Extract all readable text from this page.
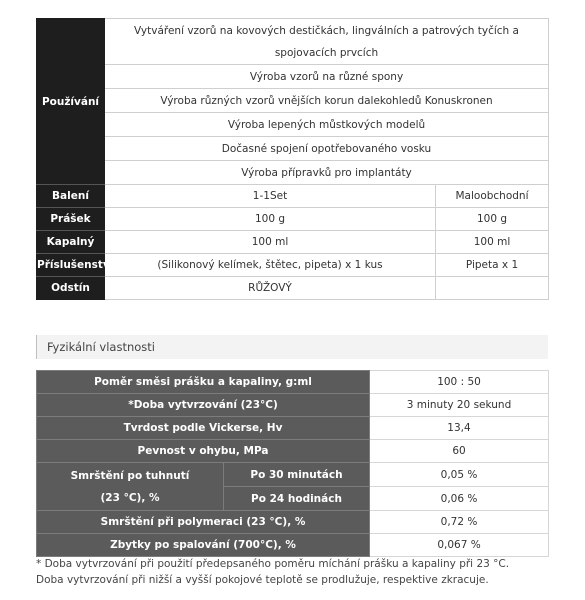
Používání	Vytváření vzorů na kovových destičkách, lingválních a patrových tyčích a spojovacích prvcích	
	Výroba vzorů na různé spony	
	Výroba různých vzorů vnějších korun dalekohledů Konuskronen	
	Výroba lepených můstkových modelů	
	Dočasné spojení opotřebovaného vosku	
	Výroba přípravků pro implantáty	
Balení	1-1Set	Maloobchodní
Prášek	100 g	100 g
Kapalný	100 ml	100 ml
Příslušenství	(Silikonový kelímek, štětec, pipeta) x 1 kus	Pipeta x 1
Odstín	RŮŽOVÝ	
Fyzikální vlastnosti
Poměr směsi prášku a kapaliny, g:ml		100 : 50
*Doba vytvrzování (23°C)		3 minuty 20 sekund
Tvrdost podle Vickerse, Hv		13,4
Pevnost v ohybu, MPa		60

Smrštění po tuhnutí
(23 °C), %	Po 30 minutách	0,05 %
	Po 24 hodinách	0,06 %
Smrštění při polymeraci (23 °C), %		0,72 %
Zbytky po spalování (700°C), %		0,067 %
* Doba vytvrzování při použití předepsaného poměru míchání prášku a kapaliny při 23 °C.
Doba vytvrzování při nižší a vyšší pokojové teplotě se prodlužuje, respektive zkracuje.
